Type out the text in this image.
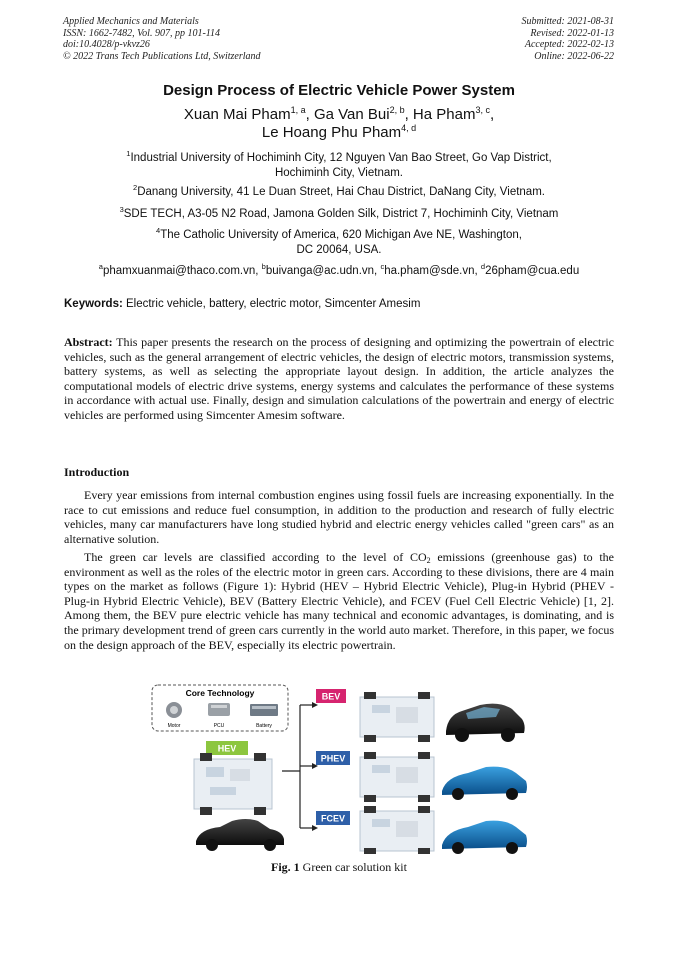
Applied Mechanics and Materials
ISSN: 1662-7482, Vol. 907, pp 101-114
doi:10.4028/p-vkvz26
© 2022 Trans Tech Publications Ltd, Switzerland
Submitted: 2021-08-31
Revised: 2022-01-13
Accepted: 2022-02-13
Online: 2022-06-22
Design Process of Electric Vehicle Power System
Xuan Mai Pham$^{1, a}$, Ga Van Bui$^{2, b}$, Ha Pham$^{3, c}$,
Le Hoang Phu Pham$^{4, d}$
$^1$Industrial University of Hochiminh City, 12 Nguyen Van Bao Street, Go Vap District,
Hochiminh City, Vietnam.
$^2$Danang University, 41 Le Duan Street, Hai Chau District, DaNang City, Vietnam.
$^3$SDE TECH, A3-05 N2 Road, Jamona Golden Silk, District 7, Hochiminh City, Vietnam
$^4$The Catholic University of America, 620 Michigan Ave NE, Washington,
DC 20064, USA.
$^a$phamxuanmai@thaco.com.vn, $^b$buivanga@ac.udn.vn, $^c$ha.pham@sde.vn, $^d$26pham@cua.edu
Keywords: Electric vehicle, battery, electric motor, Simcenter Amesim
Abstract: This paper presents the research on the process of designing and optimizing the powertrain of electric vehicles, such as the general arrangement of electric vehicles, the design of electric motors, transmission systems, battery systems, as well as selecting the appropriate layout design. In addition, the article analyzes the computational models of electric drive systems, energy systems and calculates the performance of these systems in accordance with actual use. Finally, design and simulation calculations of the powertrain and energy of electric vehicles are performed using Simcenter Amesim software.
Introduction
Every year emissions from internal combustion engines using fossil fuels are increasing exponentially. In the race to cut emissions and reduce fuel consumption, in addition to the production and research of fully electric vehicles, many car manufacturers have long studied hybrid and electric energy vehicles called "green cars" as an alternative solution.
The green car levels are classified according to the level of $CO_2$ emissions (greenhouse gas) to the environment as well as the roles of the electric motor in green cars. According to these divisions, there are 4 main types on the market as follows (Figure 1): Hybrid (HEV – Hybrid Electric Vehicle), Plug-in Hybrid (PHEV - Plug-in Hybrid Electric Vehicle), BEV (Battery Electric Vehicle), and FCEV (Fuel Cell Electric Vehicle) [1, 2]. Among them, the BEV pure electric vehicle has many technical and economic advantages, is dominating, and is the primary development trend of green cars currently in the world auto market. Therefore, in this paper, we focus on the design approach of the BEV, especially its electric powertrain.
Core Technology
Motor	PCU	Battery
HEV
BEV
PHEV
FCEV
Fig. 1 Green car solution kit
